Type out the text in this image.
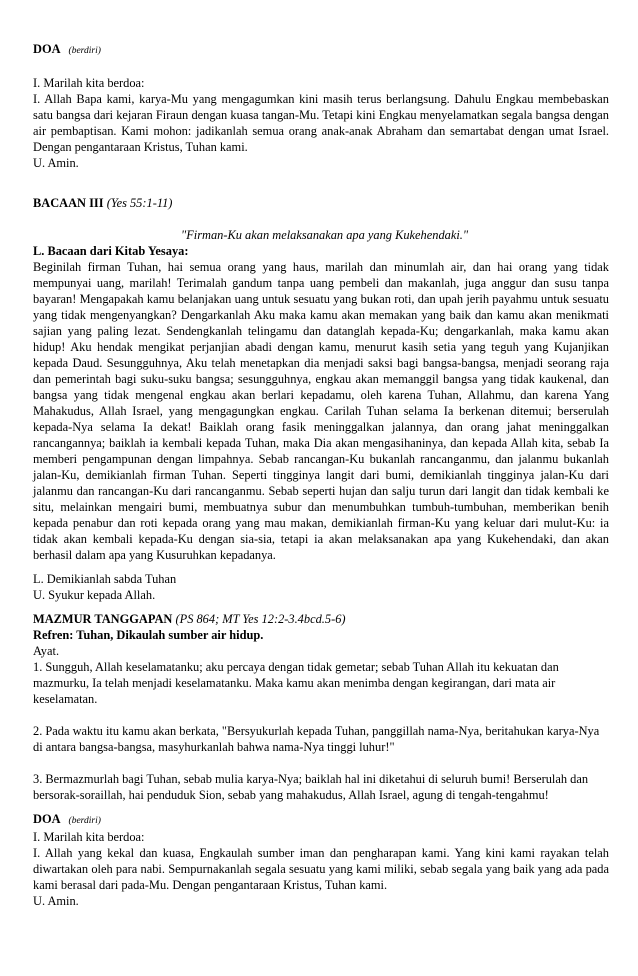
DOA (berdiri)

I. Marilah kita berdoa:

I. Allah Bapa kami, karya-Mu yang mengagumkan kini masih terus berlangsung. Dahulu Engkau membebaskan satu bangsa dari kejaran Firaun dengan kuasa tangan-Mu. Tetapi kini Engkau menyelamatkan segala bangsa dengan air pembaptisan. Kami mohon: jadikanlah semua orang anak-anak Abraham dan semartabat dengan umat Israel. Dengan pengantaraan Kristus, Tuhan kami.

U. Amin.

BACAAN III (Yes 55:1-11)

"Firman-Ku akan melaksanakan apa yang Kukehendaki."

L. Bacaan dari Kitab Yesaya:

Beginilah firman Tuhan, hai semua orang yang haus, marilah dan minumlah air, dan hai orang yang tidak mempunyai uang, marilah! Terimalah gandum tanpa uang pembeli dan makanlah, juga anggur dan susu tanpa bayaran! Mengapakah kamu belanjakan uang untuk sesuatu yang bukan roti, dan upah jerih payahmu untuk sesuatu yang tidak mengenyangkan? Dengarkanlah Aku maka kamu akan memakan yang baik dan kamu akan menikmati sajian yang paling lezat. Sendengkanlah telingamu dan datanglah kepada-Ku; dengarkanlah, maka kamu akan hidup! Aku hendak mengikat perjanjian abadi dengan kamu, menurut kasih setia yang teguh yang Kujanjikan kepada Daud. Sesungguhnya, Aku telah menetapkan dia menjadi saksi bagi bangsa-bangsa, menjadi seorang raja dan pemerintah bagi suku-suku bangsa; sesungguhnya, engkau akan memanggil bangsa yang tidak kaukenal, dan bangsa yang tidak mengenal engkau akan berlari kepadamu, oleh karena Tuhan, Allahmu, dan karena Yang Mahakudus, Allah Israel, yang mengagungkan engkau. Carilah Tuhan selama Ia berkenan ditemui; berserulah kepada-Nya selama Ia dekat! Baiklah orang fasik meninggalkan jalannya, dan orang jahat meninggalkan rancangannya; baiklah ia kembali kepada Tuhan, maka Dia akan mengasihaninya, dan kepada Allah kita, sebab Ia memberi pengampunan dengan limpahnya. Sebab rancangan-Ku bukanlah rancanganmu, dan jalanmu bukanlah jalan-Ku, demikianlah firman Tuhan. Seperti tingginya langit dari bumi, demikianlah tingginya jalan-Ku dari jalanmu dan rancangan-Ku dari rancanganmu. Sebab seperti hujan dan salju turun dari langit dan tidak kembali ke situ, melainkan mengairi bumi, membuatnya subur dan menumbuhkan tumbuh-tumbuhan, memberikan benih kepada penabur dan roti kepada orang yang mau makan, demikianlah firman-Ku yang keluar dari mulut-Ku: ia tidak akan kembali kepada-Ku dengan sia-sia, tetapi ia akan melaksanakan apa yang Kukehendaki, dan akan berhasil dalam apa yang Kusuruhkan kepadanya.

L. Demikianlah sabda Tuhan

U. Syukur kepada Allah.

MAZMUR TANGGAPAN (PS 864; MT Yes 12:2-3.4bcd.5-6)

Refren: Tuhan, Dikaulah sumber air hidup.

Ayat.

1. Sungguh, Allah keselamatanku; aku percaya dengan tidak gemetar; sebab Tuhan Allah itu kekuatan dan mazmurku, Ia telah menjadi keselamatanku. Maka kamu akan menimba dengan kegirangan, dari mata air keselamatan.

2. Pada waktu itu kamu akan berkata, "Bersyukurlah kepada Tuhan, panggillah nama-Nya, beritahukan karya-Nya di antara bangsa-bangsa, masyhurkanlah bahwa nama-Nya tinggi luhur!"

3. Bermazmurlah bagi Tuhan, sebab mulia karya-Nya; baiklah hal ini diketahui di seluruh bumi! Berserulah dan bersorak-soraillah, hai penduduk Sion, sebab yang mahakudus, Allah Israel, agung di tengah-tengahmu!

DOA (berdiri)

I. Marilah kita berdoa:

I. Allah yang kekal dan kuasa, Engkaulah sumber iman dan pengharapan kami. Yang kini kami rayakan telah diwartakan oleh para nabi. Sempurnakanlah segala sesuatu yang kami miliki, sebab segala yang baik yang ada pada kami berasal dari pada-Mu. Dengan pengantaraan Kristus, Tuhan kami.

U. Amin.
